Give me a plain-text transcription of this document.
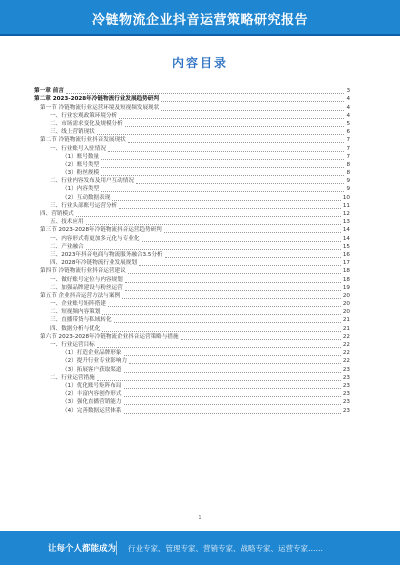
冷链物流企业抖音运营策略研究报告
内容目录
第一章 前言	3
第二章 2023-2028年冷链物流行业发展趋势研判	4
第一节 冷链物流行业运营环境及短视频发展现状	4
一、行业宏观政策环境分析	4
二、市场需求变化及规模分析	5
三、线上营销现状	6
第二节 冷链物流行业抖音发展现状	7
一、行业账号入驻情况	7
（1）账号数量	7
（2）账号类型	8
（3）粉丝规模	8
二、行业内容发布及用户互动情况	9
（1）内容类型	9
（2）互动数据表现	10
三、行业头部账号运营分析	11
四、营销模式	12
五、技术应用	13
第三节 2023-2028年冷链物流抖音运营趋势研判	14
一、内容形式将更加多元化与专业化	14
二、产业融合	15
三、2023年抖音电商与物流服务融合3.5分析	16
四、2028年冷链物流行业发展规划	17
第四节 冷链物流行业抖音运营建议	18
一、做好账号定位与内容规划	18
二、加强品牌建设与粉丝运营	19
第五节 企业抖音运营方法与案例	20
一、企业账号矩阵搭建	20
二、短视频内容策划	20
三、直播带货与私域转化	21
四、数据分析与优化	21
第六节 2023-2028年冷链物流企业抖音运营策略与措施	22
一、行业运营目标	22
（1）打造企业品牌形象	22
（2）提升行业专业影响力	22
（3）拓展客户获取渠道	23
二、行业运营措施	23
（1）优化账号矩阵布局	23
（2）丰富内容创作形式	23
（3）强化直播营销能力	23
（4）完善数据运营体系	23
1
让每个人都能成为 行业专家、管理专家、营销专家、战略专家、运营专家……
